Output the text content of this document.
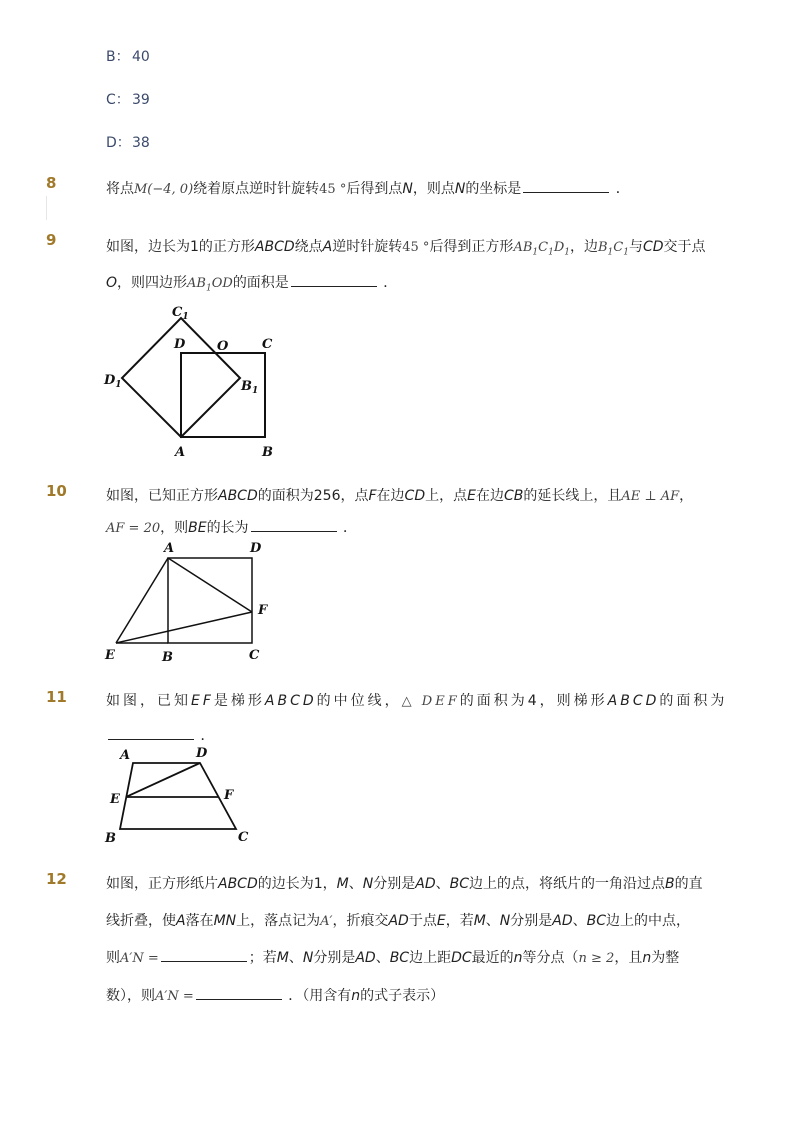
B： 40
C： 39
D：38
8	将点M(−4, 0)绕着原点逆时针旋转45 °后得到点N，则点N的坐标是	．
9	如图，边长为1的正方形ABCD绕点A逆时针旋转45 °后得到正方形$AB_1C_1D_1$，边$B_1C_1$与CD交于点
O，则四边形$AB_1OD$的面积是	．
$C_1$
D O	C
$D_1$	$B_1$
A	B
10	如图，已知正方形ABCD的面积为256，点F在边CD上，点E在边CB的延长线上，且AE ⊥ AF，
AF = 20，则BE的长为	．
A	D
F
E	B	C
11	如图，已知EF是梯形ABCD的中位线，△ DEF的面积为4，则梯形ABCD的面积为
．
A	D
E	F
B	C
12	如图，正方形纸片ABCD的边长为1，M、N分别是AD、BC边上的点，将纸片的一角沿过点B的直
线折叠，使A落在MN上，落点记为A′，折痕交AD于点E，若M、N分别是AD、BC边上的中点，
则A′N =	；若M、N分别是AD、BC边上距DC最近的n等分点（n ≥ 2，且n为整
数），则A′N =	．（用含有n的式子表示）
